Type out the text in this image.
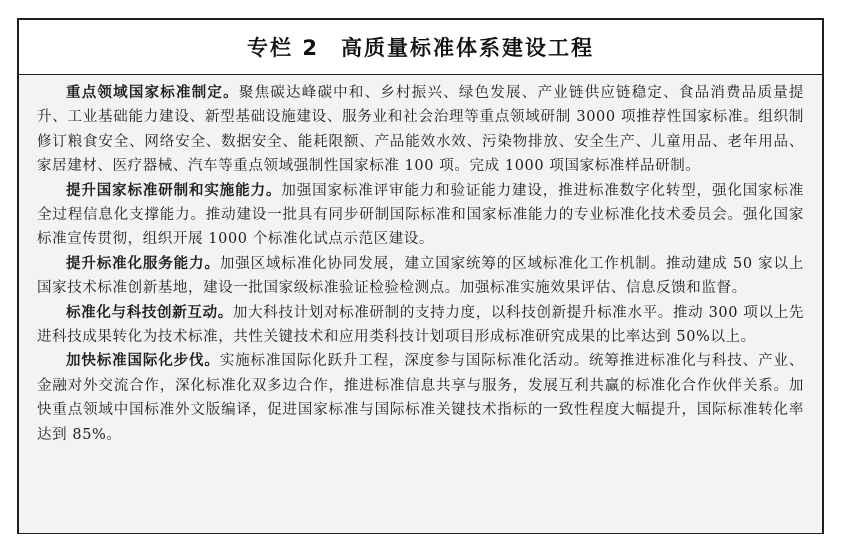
专栏 2 高质量标准体系建设工程

重点领域国家标准制定。聚焦碳达峰碳中和、乡村振兴、绿色发展、产业链供应链稳定、食品消费品质量提升、工业基础能力建设、新型基础设施建设、服务业和社会治理等重点领域研制 3000 项推荐性国家标准。组织制修订粮食安全、网络安全、数据安全、能耗限额、产品能效水效、污染物排放、安全生产、儿童用品、老年用品、家居建材、医疗器械、汽车等重点领域强制性国家标准 100 项。完成 1000 项国家标准样品研制。

提升国家标准研制和实施能力。加强国家标准评审能力和验证能力建设，推进标准数字化转型，强化国家标准全过程信息化支撑能力。推动建设一批具有同步研制国际标准和国家标准能力的专业标准化技术委员会。强化国家标准宣传贯彻，组织开展 1000 个标准化试点示范区建设。

提升标准化服务能力。加强区域标准化协同发展，建立国家统筹的区域标准化工作机制。推动建成 50 家以上国家技术标准创新基地，建设一批国家级标准验证检验检测点。加强标准实施效果评估、信息反馈和监督。

标准化与科技创新互动。加大科技计划对标准研制的支持力度，以科技创新提升标准水平。推动 300 项以上先进科技成果转化为技术标准，共性关键技术和应用类科技计划项目形成标准研究成果的比率达到 50%以上。

加快标准国际化步伐。实施标准国际化跃升工程，深度参与国际标准化活动。统筹推进标准化与科技、产业、金融对外交流合作，深化标准化双多边合作，推进标准信息共享与服务，发展互利共赢的标准化合作伙伴关系。加快重点领域中国标准外文版编译，促进国家标准与国际标准关键技术指标的一致性程度大幅提升，国际标准转化率达到 85%。
